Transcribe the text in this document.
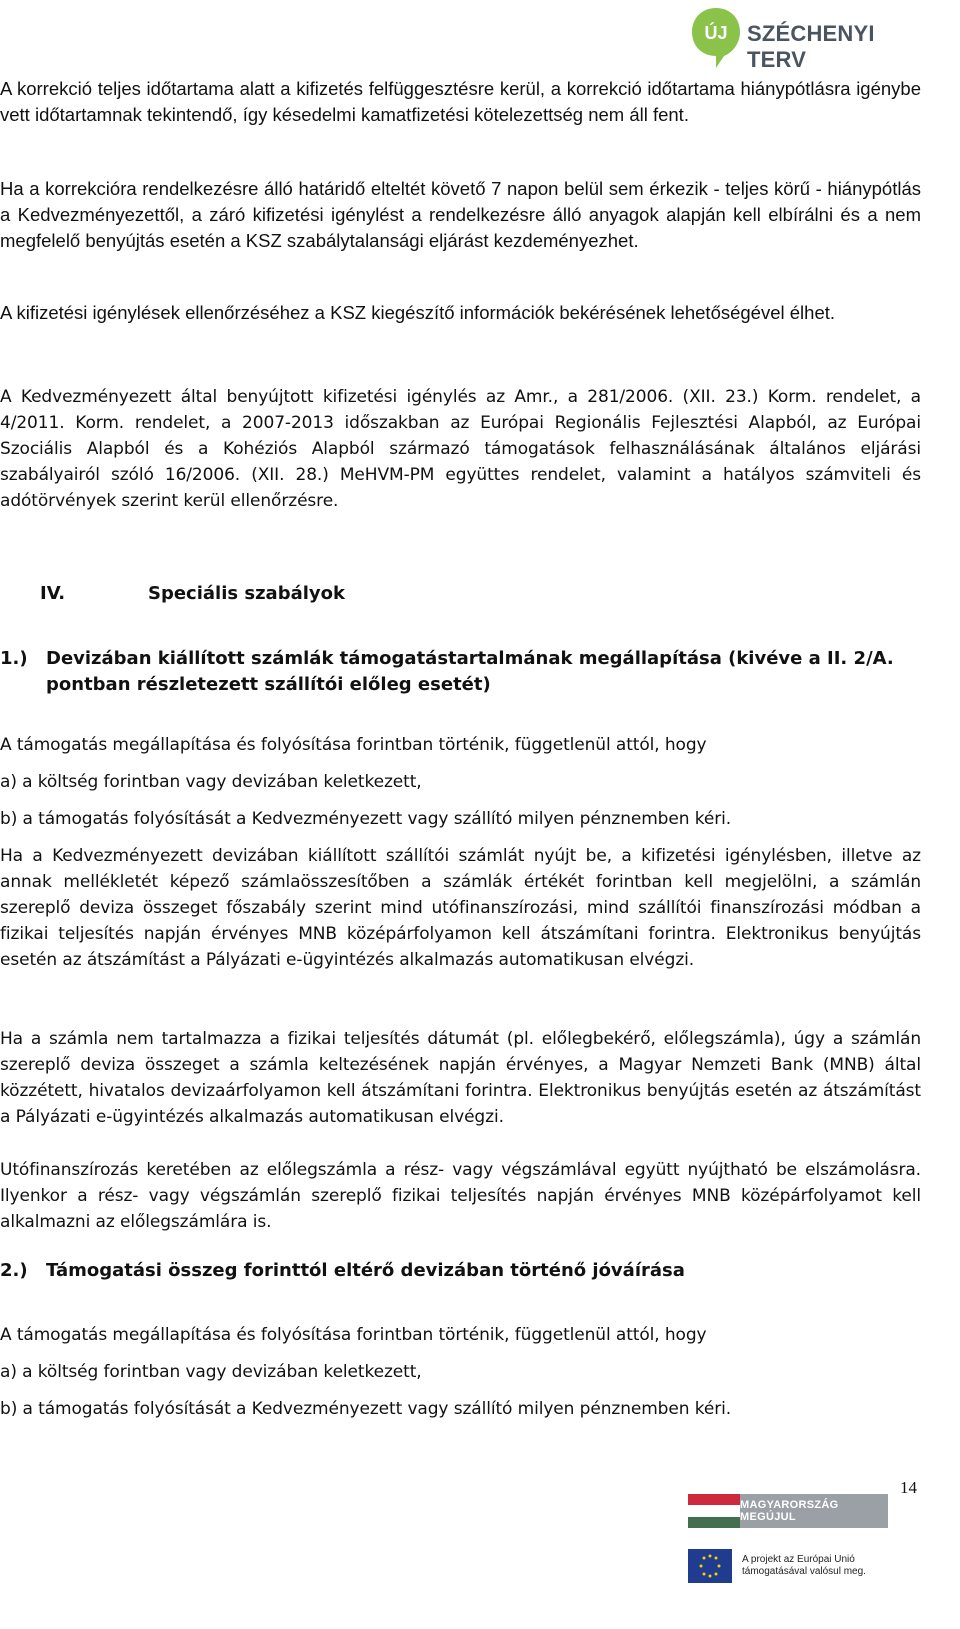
ÚJ SZÉCHENYI TERV

A korrekció teljes időtartama alatt a kifizetés felfüggesztésre kerül, a korrekció időtartama hiánypótlásra igénybe vett időtartamnak tekintendő, így késedelmi kamatfizetési kötelezettség nem áll fent.

Ha a korrekcióra rendelkezésre álló határidő elteltét követő 7 napon belül sem érkezik - teljes körű - hiánypótlás a Kedvezményezettől, a záró kifizetési igénylést a rendelkezésre álló anyagok alapján kell elbírálni és a nem megfelelő benyújtás esetén a KSZ szabálytalansági eljárást kezdeményezhet.

A kifizetési igénylések ellenőrzéséhez a KSZ kiegészítő információk bekérésének lehetőségével élhet.

A Kedvezményezett által benyújtott kifizetési igénylés az Amr., a 281/2006. (XII. 23.) Korm. rendelet, a 4/2011. Korm. rendelet, a 2007-2013 időszakban az Európai Regionális Fejlesztési Alapból, az Európai Szociális Alapból és a Kohéziós Alapból származó támogatások felhasználásának általános eljárási szabályairól szóló 16/2006. (XII. 28.) MeHVM-PM együttes rendelet, valamint a hatályos számviteli és adótörvények szerint kerül ellenőrzésre.

IV.	Speciális szabályok
1.)	Devizában kiállított számlák támogatástartalmának megállapítása (kivéve a II. 2/A. pontban részletezett szállítói előleg esetét)

A támogatás megállapítása és folyósítása forintban történik, függetlenül attól, hogy

a) a költség forintban vagy devizában keletkezett,

b) a támogatás folyósítását a Kedvezményezett vagy szállító milyen pénznemben kéri.

Ha a Kedvezményezett devizában kiállított szállítói számlát nyújt be, a kifizetési igénylésben, illetve az annak mellékletét képező számlaösszesítőben a számlák értékét forintban kell megjelölni, a számlán szereplő deviza összeget főszabály szerint mind utófinanszírozási, mind szállítói finanszírozási módban a fizikai teljesítés napján érvényes MNB középárfolyamon kell átszámítani forintra. Elektronikus benyújtás esetén az átszámítást a Pályázati e-ügyintézés alkalmazás automatikusan elvégzi.

Ha a számla nem tartalmazza a fizikai teljesítés dátumát (pl. előlegbekérő, előlegszámla), úgy a számlán szereplő deviza összeget a számla keltezésének napján érvényes, a Magyar Nemzeti Bank (MNB) által közzétett, hivatalos devizaárfolyamon kell átszámítani forintra. Elektronikus benyújtás esetén az átszámítást a Pályázati e-ügyintézés alkalmazás automatikusan elvégzi.

Utófinanszírozás keretében az előlegszámla a rész- vagy végszámlával együtt nyújtható be elszámolásra. Ilyenkor a rész- vagy végszámlán szereplő fizikai teljesítés napján érvényes MNB középárfolyamot kell alkalmazni az előlegszámlára is.

2.)	Támogatási összeg forinttól eltérő devizában történő jóváírása

A támogatás megállapítása és folyósítása forintban történik, függetlenül attól, hogy

a) a költség forintban vagy devizában keletkezett,

b) a támogatás folyósítását a Kedvezményezett vagy szállító milyen pénznemben kéri.

14
MAGYARORSZÁG MEGÚJUL
A projekt az Európai Unió
támogatásával valósul meg.
